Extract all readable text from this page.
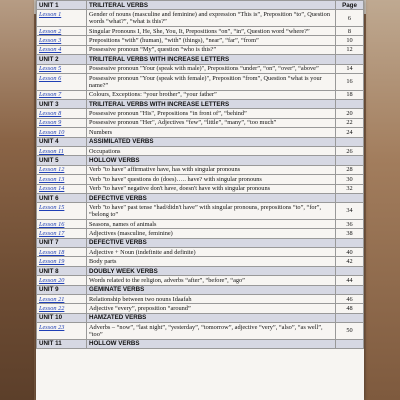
UNIT 1	TRILITERAL VERBS	Page
Lesson 1	Gender of nouns (masculine and feminine) and expression “This is”, Preposition “to”, Question words “what?”, “what is this?”	6
Lesson 2	Singular Pronouns I, He, She, You, It, Prepositions “on”, “in”, Question word “where?”	8
Lesson 3	Prepositions “with” (human), “with” (things), “near”, “far”, “from”	10
Lesson 4	Possessive pronoun “My”, question “who is this?”	12
UNIT 2	TRILITERAL VERBS WITH INCREASE LETTERS	
Lesson 5	Possessive pronoun "Your (speak with male)", Prepositions “under”, “on”, “over”, “above”	14
Lesson 6	Possessive pronoun "Your (speak with female)", Preposition “from”, Question “what is your name?”	16
Lesson 7	Colours, Exceptions: “your brother”, “your father”	18
UNIT 3	TRILITERAL VERBS WITH INCREASE LETTERS	
Lesson 8	Possessive pronoun "His", Prepositions “in front of”, “behind”	20
Lesson 9	Possessive pronoun "Her", Adjectives “few”, “little”, “many”, “too much”	22
Lesson 10	Numbers	24
UNIT 4	ASSIMILATED VERBS	
Lesson 11	Occupations	26
UNIT 5	HOLLOW VERBS	
Lesson 12	Verb "to have" affirmative have, has with singular pronouns	28
Lesson 13	Verb "to have" questions do (does)….. have? with singular pronouns	30
Lesson 14	Verb "to have" negative don't have, doesn't have with singular pronouns	32
UNIT 6	DEFECTIVE VERBS	
Lesson 15	Verb "to have" past tense “had/didn't have” with singular pronouns, prepositions “to”, “for”, “belong to”	34
Lesson 16	Seasons, names of animals	36
Lesson 17	Adjectives (masculine, feminine)	38
UNIT 7	DEFECTIVE VERBS	
Lesson 18	Adjective + Noun (indefinite and definite)	40
Lesson 19	Body parts	42
UNIT 8	DOUBLY WEEK VERBS	
Lesson 20	Words related to the religion, adverbs “after”, “before”, “ago”	44
UNIT 9	GEMINATE VERBS	
Lesson 21	Relationship between two nouns Idaafah	46
Lesson 22	Adjective “every”, preposition “around”	48
UNIT 10	HAMZATED VERBS	
Lesson 23	Adverbs – “now”, “last night”, “yesterday”, “tomorrow”, adjective “very”, “also”, “as well”, “too”	50
UNIT 11	HOLLOW VERBS	
